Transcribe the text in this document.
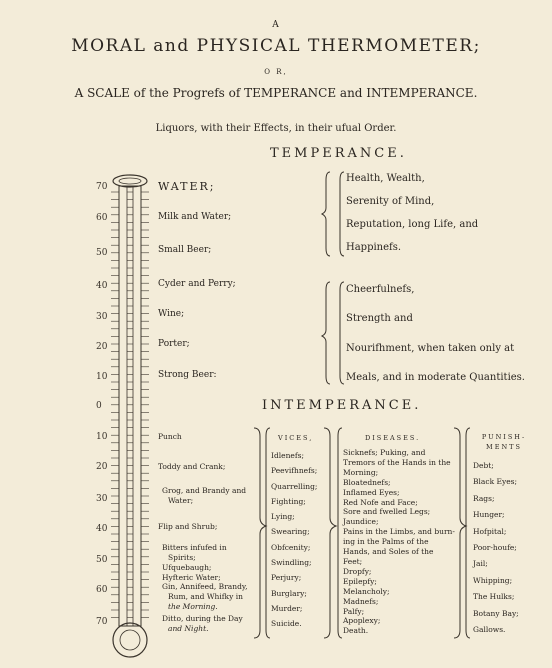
A
MORAL and PHYSICAL THERMOMETER;
O R,
A SCALE of the Progrefs of TEMPERANCE and INTEMPERANCE.
Liquors, with their Effects, in their ufual Order.
TEMPERANCE.
INTEMPERANCE.
70
60
50
40
30
20
10
0
10
20
30
40
50
60
70
WATER;
Milk and Water;
Small Beer;
Cyder and Perry;
Wine;
Porter;
Strong Beer:
Health, Wealth,
Serenity of Mind,
Reputation, long Life, and
Happinefs.
Cheerfulnefs,
Strength and
Nourifhment, when taken only at
Meals, and in moderate Quantities.
Punch
Toddy and Crank;
Grog, and Brandy and
Water;
Flip and Shrub;
Bitters infufed in
Spirits;
Ufquebaugh;
Hyfteric Water;
Gin, Annifeed, Brandy,
Rum, and Whifky in
the Morning.
Ditto, during the Day
and Night.
VICES,
Idlenefs;
Peevifhnefs;
Quarrelling;
Fighting;
Lying;
Swearing;
Obfcenity;
Swindling;
Perjury;
Burglary;
Murder;
Suicide.
DISEASES.
Sicknefs; Puking, and
Tremors of the Hands in the
Morning;
Bloatednefs;
Inflamed Eyes;
Red Nofe and Face;
Sore and fwelled Legs;
Jaundice;
Pains in the Limbs, and burn-
ing in the Palms of the
Hands, and Soles of the
Feet;
Dropfy;
Epilepfy;
Melancholy;
Madnefs;
Palfy;
Apoplexy;
Death.
PUNISH-
MENTS
Debt;
Black Eyes;
Rags;
Hunger;
Hofpital;
Poor-houfe;
Jail;
Whipping;
The Hulks;
Botany Bay;
Gallows.
